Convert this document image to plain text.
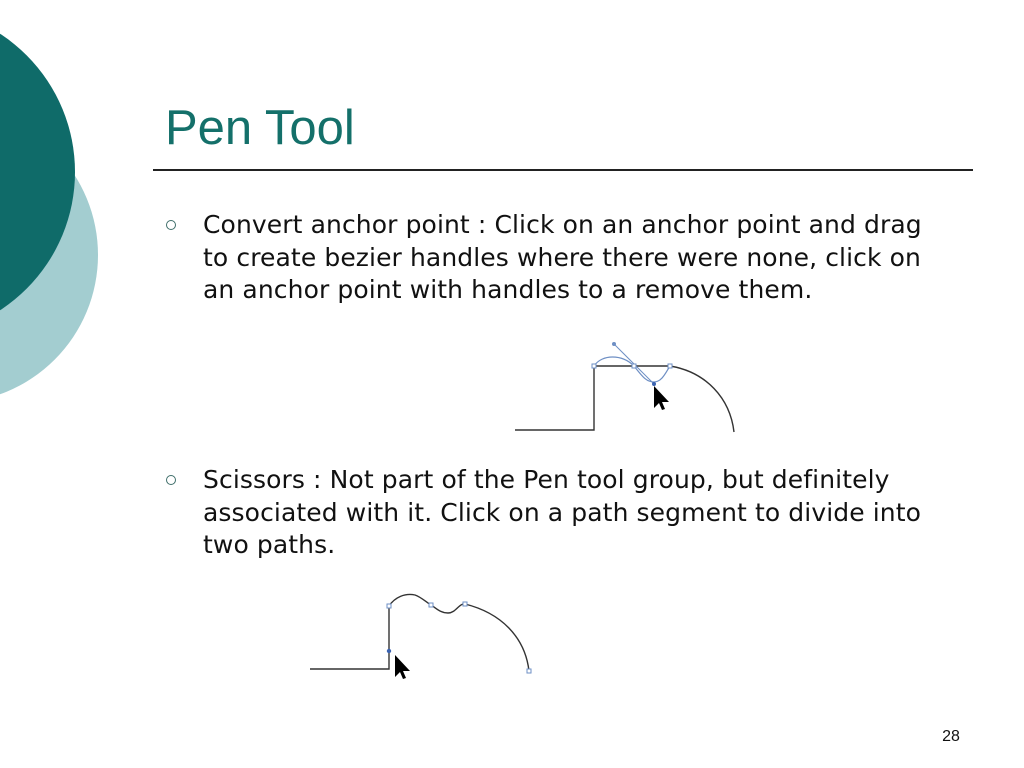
Pen Tool
Convert anchor point : Click on an anchor point and drag to create bezier handles where there were none, click on an anchor point with handles to a remove them.
Scissors : Not part of the Pen tool group, but definitely associated with it. Click on a path segment to divide into two paths.
28
